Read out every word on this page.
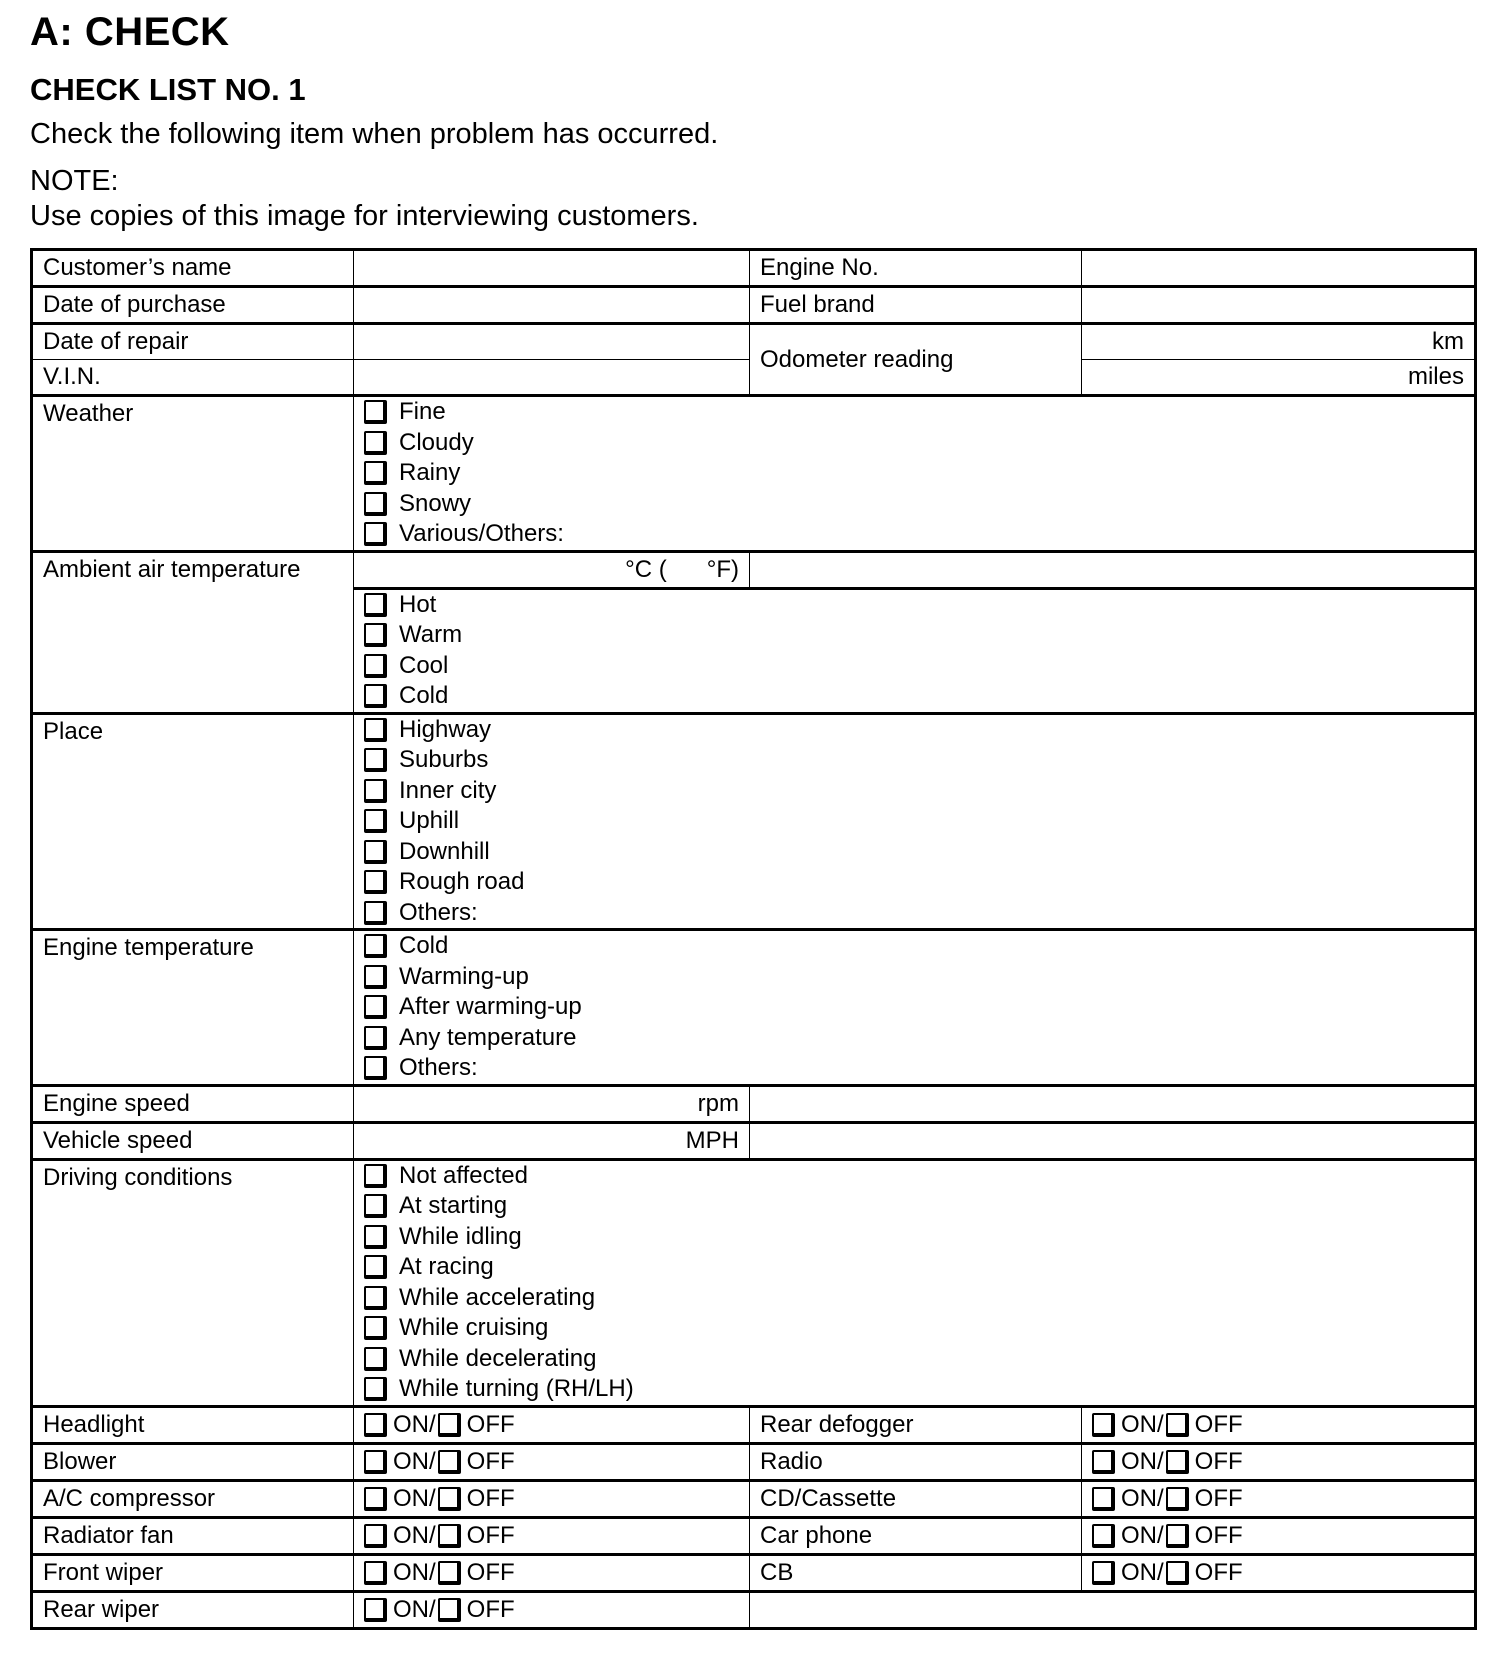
A: CHECK
CHECK LIST NO. 1
Check the following item when problem has occurred.
NOTE:
Use copies of this image for interviewing customers.
Customer’s name		Engine No.	
Date of purchase		Fuel brand	
Date of repair		Odometer reading	km
V.I.N.			miles
Weather	Fine
Cloudy
Rainy
Snowy
Various/Others:		

Ambient air temperature	°C (      °F)		

	Hot
Warm
Cool
Cold		

Place	Highway
Suburbs
Inner city
Uphill
Downhill
Rough road
Others:

Engine temperature	Cold
Warming-up
After warming-up
Any temperature
Others:		

Engine speed	rpm		
Vehicle speed	MPH		
Driving conditions	Not affected
At starting
While idling
At racing
While accelerating
While cruising
While decelerating
While turning (RH/LH)

Headlight	ON/ OFF	Rear defogger	ON/ OFF

Blower	ON/ OFF	Radio	ON/ OFF

A/C compressor	ON/ OFF	CD/Cassette	ON/ OFF

Radiator fan	ON/ OFF	Car phone	ON/ OFF

Front wiper	ON/ OFF	CB	ON/ OFF

Rear wiper	ON/ OFF		
